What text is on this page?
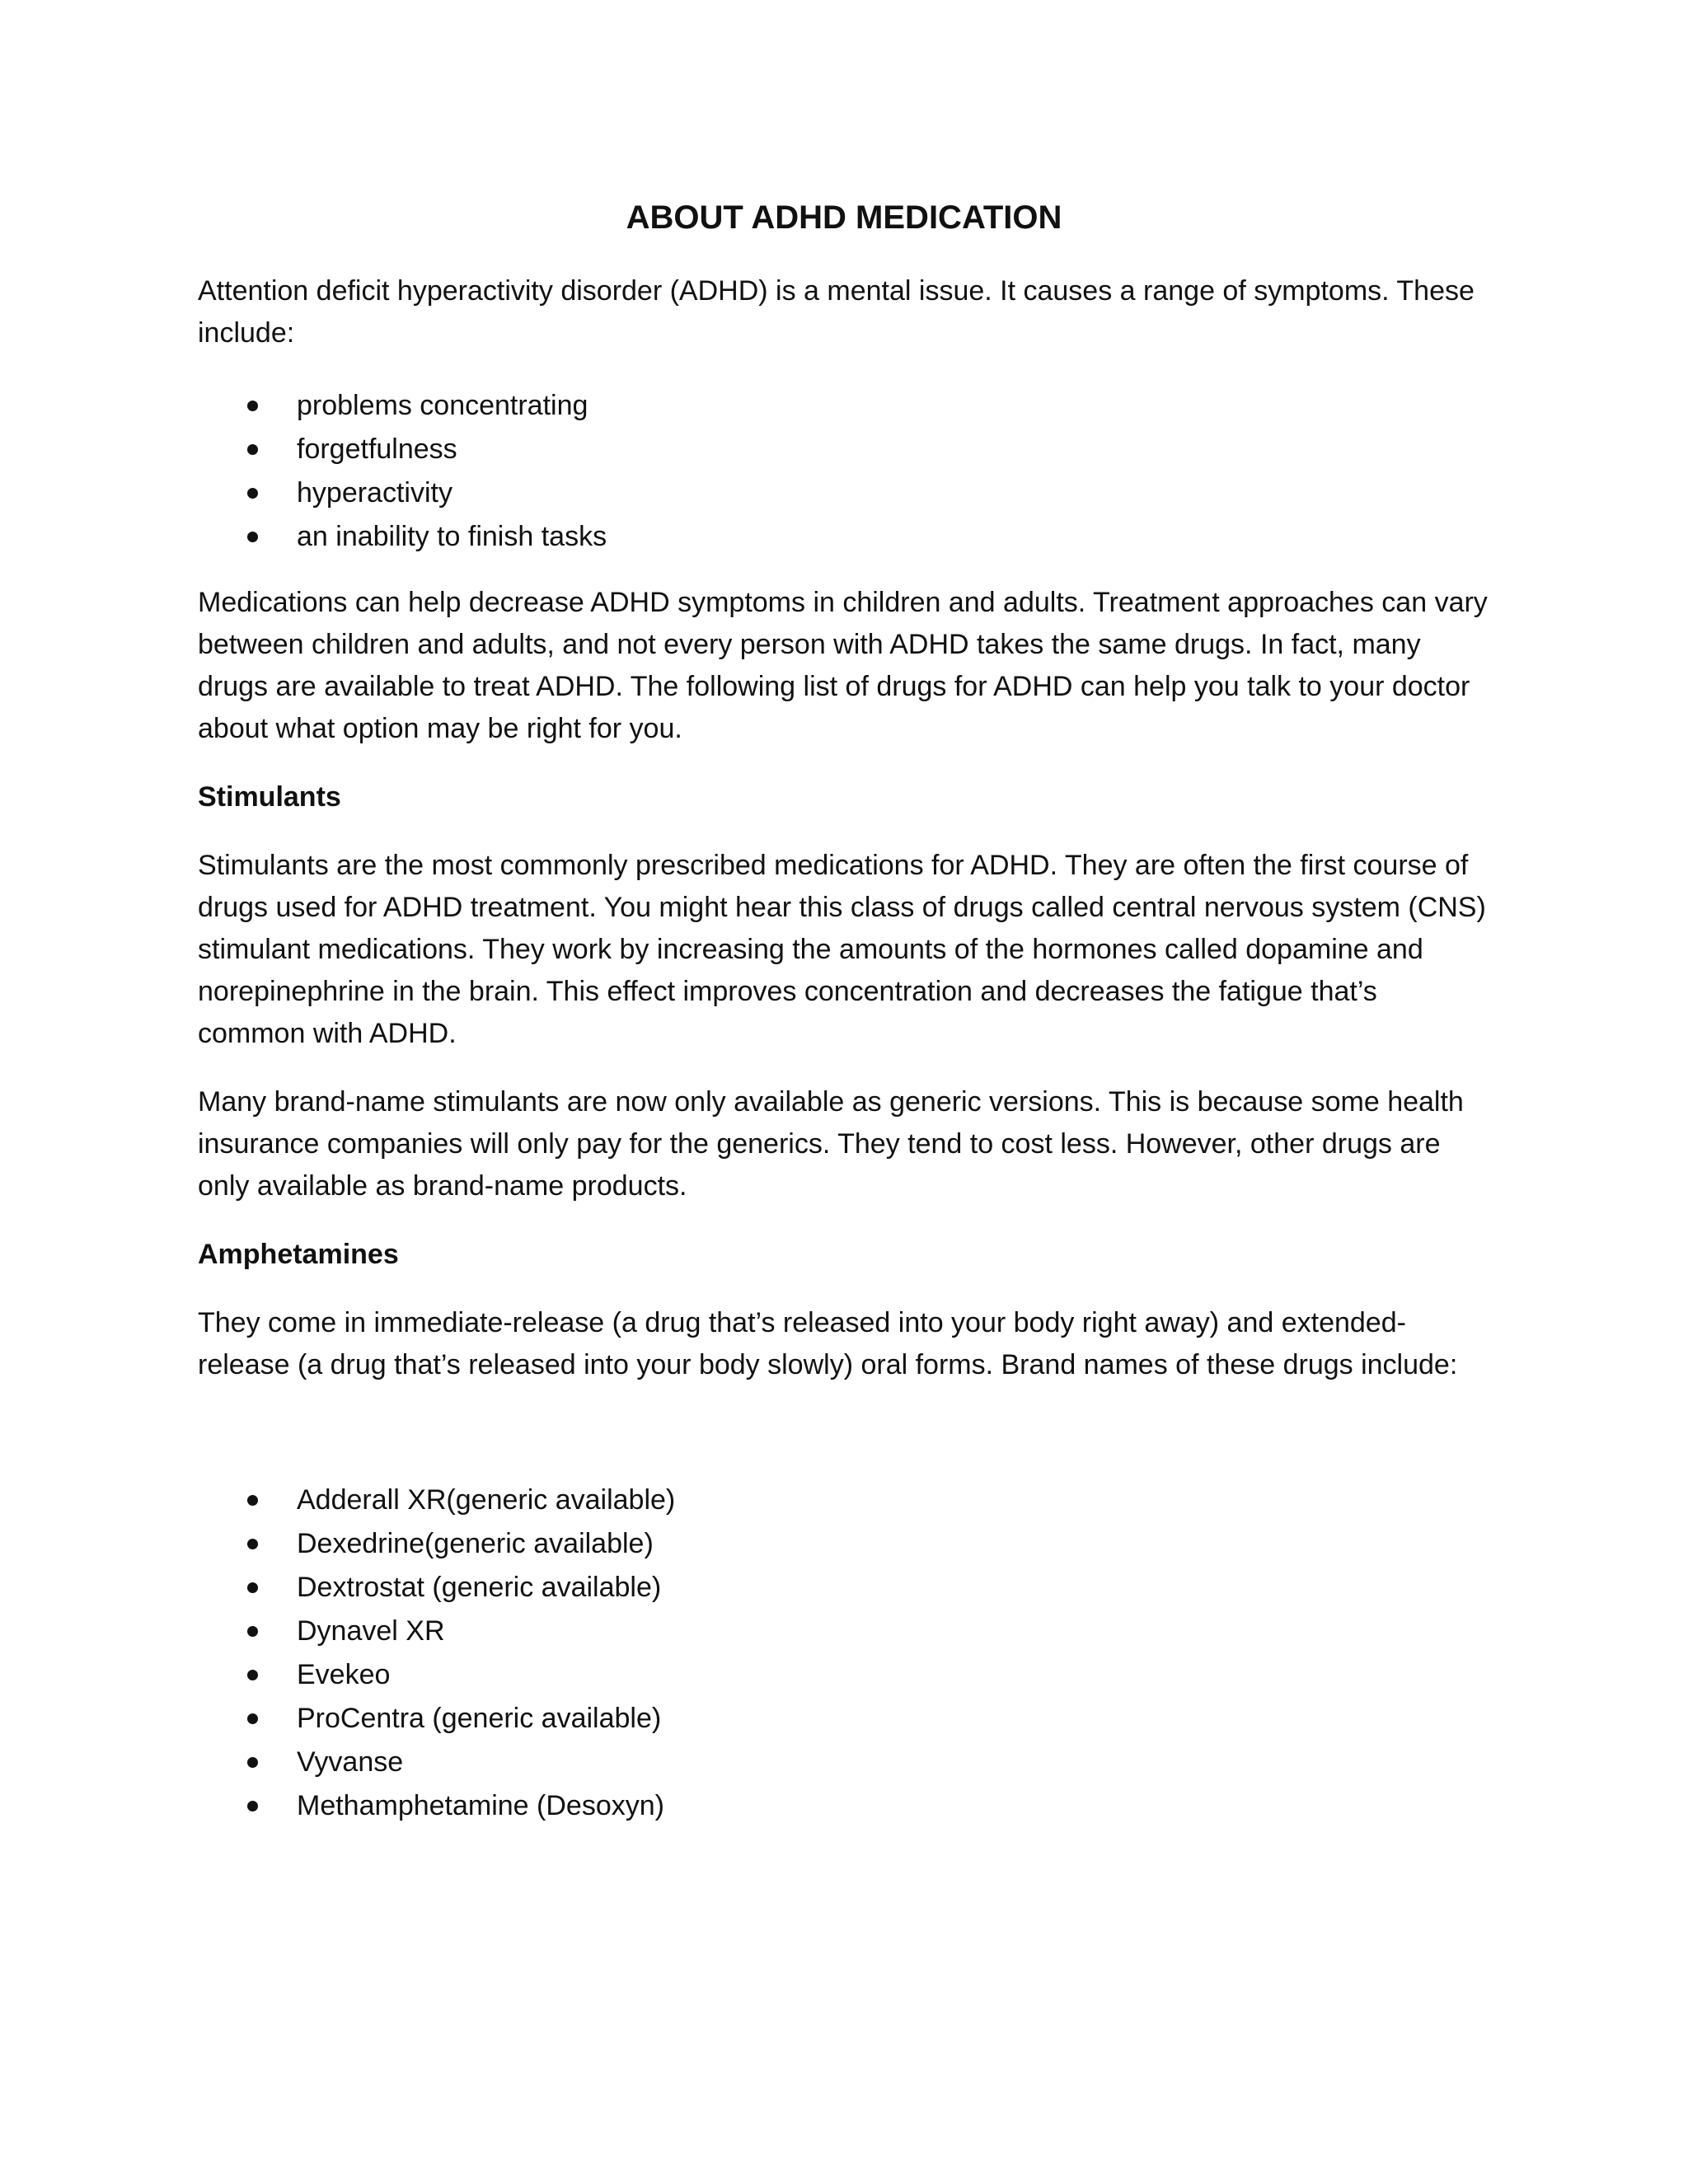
ABOUT ADHD MEDICATION

Attention deficit hyperactivity disorder (ADHD) is a mental issue. It causes a range of symptoms. These include:

problems concentrating
forgetfulness
hyperactivity
an inability to finish tasks

Medications can help decrease ADHD symptoms in children and adults. Treatment approaches can vary between children and adults, and not every person with ADHD takes the same drugs. In fact, many drugs are available to treat ADHD. The following list of drugs for ADHD can help you talk to your doctor about what option may be right for you.

Stimulants

Stimulants are the most commonly prescribed medications for ADHD. They are often the first course of drugs used for ADHD treatment. You might hear this class of drugs called central nervous system (CNS) stimulant medications. They work by increasing the amounts of the hormones called dopamine and norepinephrine in the brain. This effect improves concentration and decreases the fatigue that’s common with ADHD.

Many brand-name stimulants are now only available as generic versions. This is because some health insurance companies will only pay for the generics. They tend to cost less. However, other drugs are only available as brand-name products.

Amphetamines

They come in immediate-release (a drug that’s released into your body right away) and extended-release (a drug that’s released into your body slowly) oral forms. Brand names of these drugs include:

Adderall XR(generic available)
Dexedrine(generic available)
Dextrostat (generic available)
Dynavel XR
Evekeo
ProCentra (generic available)
Vyvanse
Methamphetamine (Desoxyn)
